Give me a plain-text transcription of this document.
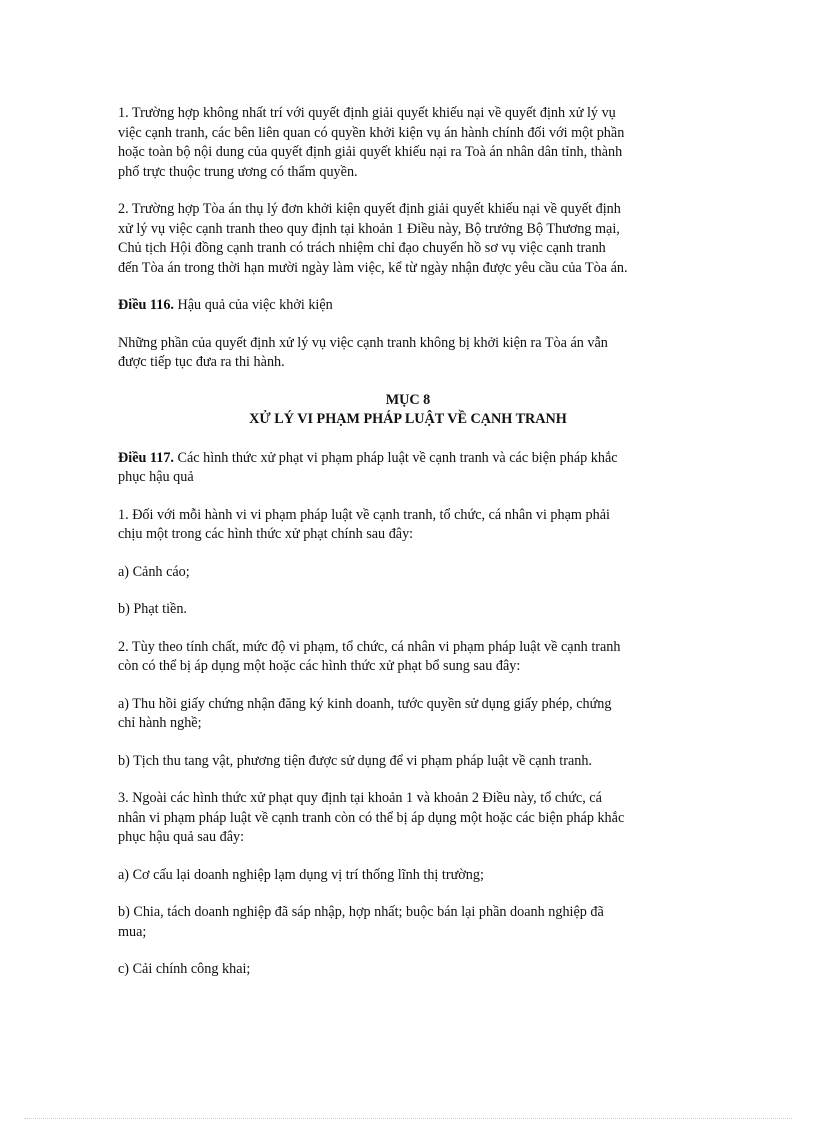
1. Trường hợp không nhất trí với quyết định giải quyết khiếu nại về quyết định xử lý vụ
việc cạnh tranh, các bên liên quan có quyền khởi kiện vụ án hành chính đối với một phần
hoặc toàn bộ nội dung của quyết định giải quyết khiếu nại ra Toà án nhân dân tỉnh, thành
phố trực thuộc trung ương có thẩm quyền.

2. Trường hợp Tòa án thụ lý đơn khởi kiện quyết định giải quyết khiếu nại về quyết định
xử lý vụ việc cạnh tranh theo quy định tại khoản 1 Điều này, Bộ trưởng Bộ Thương mại,
Chủ tịch Hội đồng cạnh tranh có trách nhiệm chỉ đạo chuyển hồ sơ vụ việc cạnh tranh
đến Tòa án trong thời hạn mười ngày làm việc, kể từ ngày nhận được yêu cầu của Tòa án.

Điều 116. Hậu quả của việc khởi kiện

Những phần của quyết định xử lý vụ việc cạnh tranh không bị khởi kiện ra Tòa án vẫn
được tiếp tục đưa ra thi hành.

MỤC 8
XỬ LÝ VI PHẠM PHÁP LUẬT VỀ CẠNH TRANH

Điều 117. Các hình thức xử phạt vi phạm pháp luật về cạnh tranh và các biện pháp khắc
phục hậu quả

1. Đối với mỗi hành vi vi phạm pháp luật về cạnh tranh, tổ chức, cá nhân vi phạm phải
chịu một trong các hình thức xử phạt chính sau đây:

a) Cảnh cáo;

b) Phạt tiền.

2. Tùy theo tính chất, mức độ vi phạm, tổ chức, cá nhân vi phạm pháp luật về cạnh tranh
còn có thể bị áp dụng một hoặc các hình thức xử phạt bổ sung sau đây:

a) Thu hồi giấy chứng nhận đăng ký kinh doanh, tước quyền sử dụng giấy phép, chứng
chỉ hành nghề;

b) Tịch thu tang vật, phương tiện được sử dụng để vi phạm pháp luật về cạnh tranh.

3. Ngoài các hình thức xử phạt quy định tại khoản 1 và khoản 2 Điều này, tổ chức, cá
nhân vi phạm pháp luật về cạnh tranh còn có thể bị áp dụng một hoặc các biện pháp khắc
phục hậu quả sau đây:

a) Cơ cấu lại doanh nghiệp lạm dụng vị trí thống lĩnh thị trường;

b) Chia, tách doanh nghiệp đã sáp nhập, hợp nhất; buộc bán lại phần doanh nghiệp đã
mua;

c) Cải chính công khai;
